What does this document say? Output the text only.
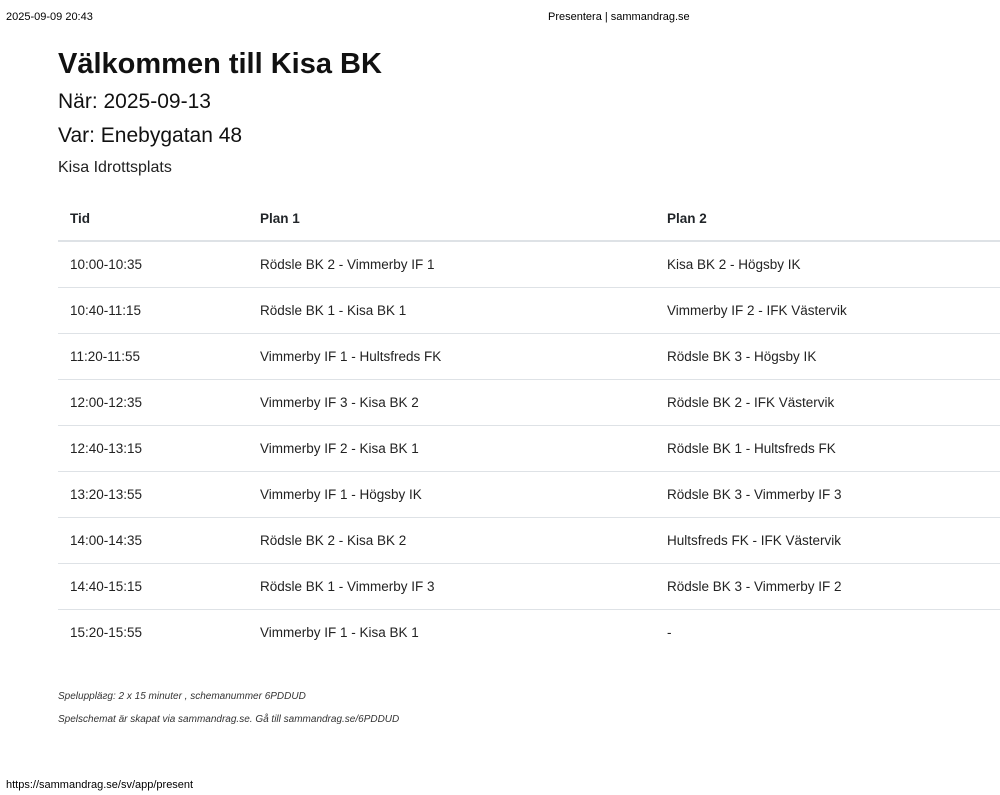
2025-09-09 20:43	Presentera | sammandrag.se
Välkommen till Kisa BK
När: 2025-09-13
Var: Enebygatan 48
Kisa Idrottsplats
Tid	Plan 1	Plan 2
10:00-10:35	Rödsle BK 2 - Vimmerby IF 1	Kisa BK 2 - Högsby IK
10:40-11:15	Rödsle BK 1 - Kisa BK 1	Vimmerby IF 2 - IFK Västervik
11:20-11:55	Vimmerby IF 1 - Hultsfreds FK	Rödsle BK 3 - Högsby IK
12:00-12:35	Vimmerby IF 3 - Kisa BK 2	Rödsle BK 2 - IFK Västervik
12:40-13:15	Vimmerby IF 2 - Kisa BK 1	Rödsle BK 1 - Hultsfreds FK
13:20-13:55	Vimmerby IF 1 - Högsby IK	Rödsle BK 3 - Vimmerby IF 3
14:00-14:35	Rödsle BK 2 - Kisa BK 2	Hultsfreds FK - IFK Västervik
14:40-15:15	Rödsle BK 1 - Vimmerby IF 3	Rödsle BK 3 - Vimmerby IF 2
15:20-15:55	Vimmerby IF 1 - Kisa BK 1	-
Speluppläгg: 2 x 15 minuter , schemanummer 6PDDUD
Spelschemat är skapat via sammandrag.se. Gå till sammandrag.se/6PDDUD
https://sammandrag.se/sv/app/present
